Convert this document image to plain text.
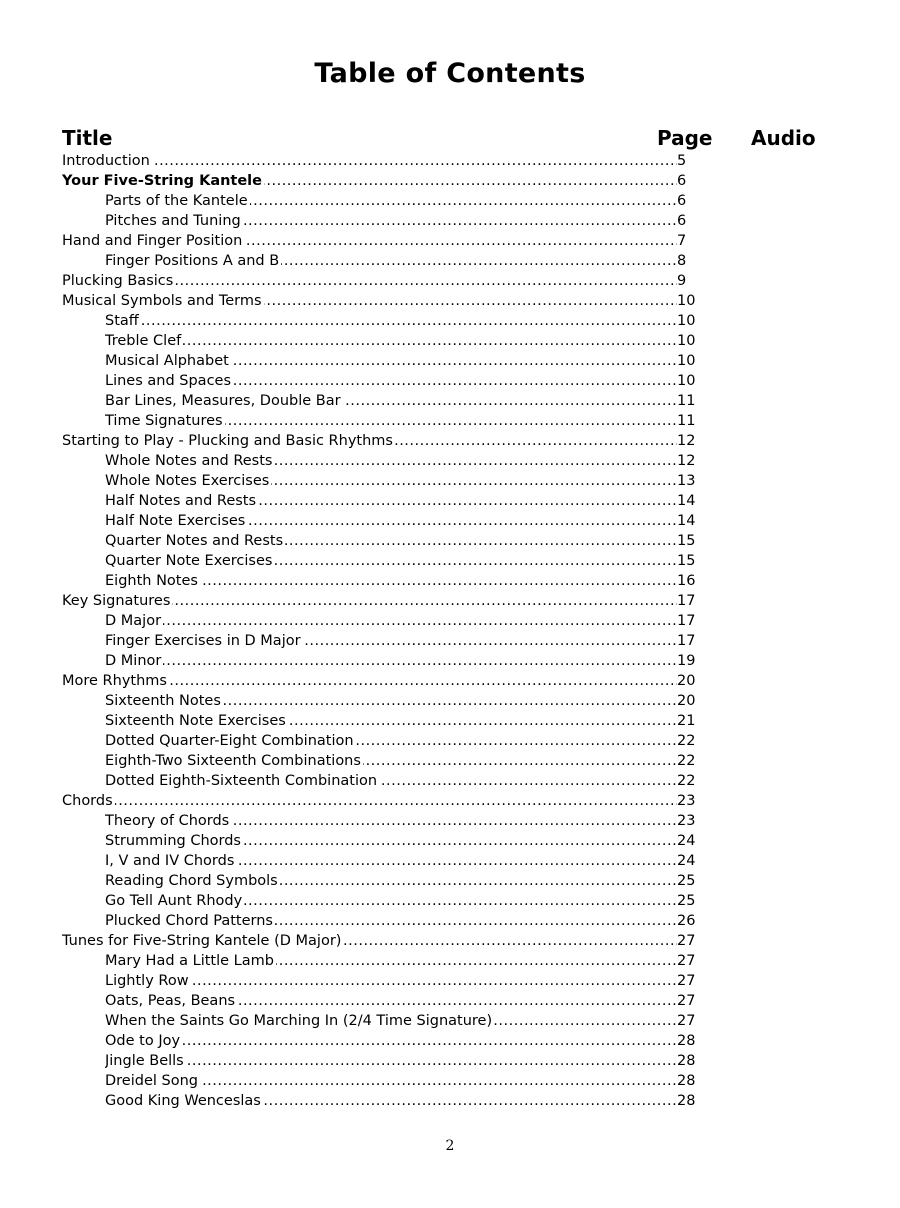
Table of Contents
Title	Page Audio
Introduction .....	5
Your Five-String Kantele .....	6
Parts of the Kantele .....	6
Pitches and Tuning .....	6
Hand and Finger Position .....	7
Finger Positions A and B .....	8
Plucking Basics .....	9
Musical Symbols and Terms .....	10
Staff .....	10
Treble Clef .....	10
Musical Alphabet .....	10
Lines and Spaces .....	10
Bar Lines, Measures, Double Bar .....	11
Time Signatures .....	11
Starting to Play - Plucking and Basic Rhythms .....	12
Whole Notes and Rests .....	12
Whole Notes Exercises .....	13
Half Notes and Rests .....	14
Half Note Exercises .....	14
Quarter Notes and Rests .....	15
Quarter Note Exercises .....	15
Eighth Notes .....	16
Key Signatures .....	17
D Major .....	17
Finger Exercises in D Major .....	17
D Minor .....	19
More Rhythms .....	20
Sixteenth Notes .....	20
Sixteenth Note Exercises .....	21
Dotted Quarter-Eight Combination .....	22
Eighth-Two Sixteenth Combinations .....	22
Dotted Eighth-Sixteenth Combination .....	22
Chords .....	23
Theory of Chords .....	23
Strumming Chords .....	24
I, V and IV Chords .....	24
Reading Chord Symbols .....	25
Go Tell Aunt Rhody .....	25
Plucked Chord Patterns .....	26
Tunes for Five-String Kantele (D Major) .....	27
Mary Had a Little Lamb .....	27
Lightly Row .....	27
Oats, Peas, Beans .....	27
When the Saints Go Marching In (2/4 Time Signature) .....	27
Ode to Joy .....	28
Jingle Bells .....	28
Dreidel Song .....	28
Good King Wenceslas .....	28
2
